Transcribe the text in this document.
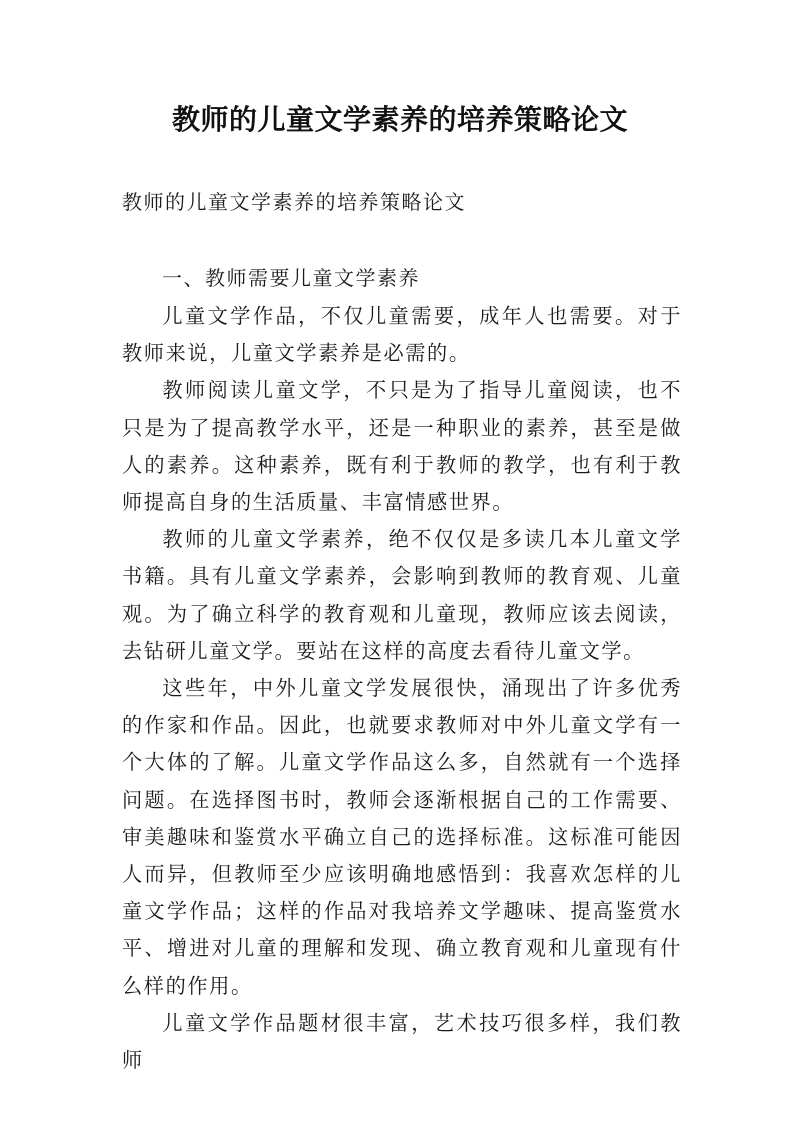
教师的儿童文学素养的培养策略论文

教师的儿童文学素养的培养策略论文

一、教师需要儿童文学素养

儿童文学作品，不仅儿童需要，成年人也需要。对于教师来说，儿童文学素养是必需的。

教师阅读儿童文学，不只是为了指导儿童阅读，也不只是为了提高教学水平，还是一种职业的素养，甚至是做人的素养。这种素养，既有利于教师的教学，也有利于教师提高自身的生活质量、丰富情感世界。

教师的儿童文学素养，绝不仅仅是多读几本儿童文学书籍。具有儿童文学素养，会影响到教师的教育观、儿童观。为了确立科学的教育观和儿童现，教师应该去阅读，去钻研儿童文学。要站在这样的高度去看待儿童文学。

这些年，中外儿童文学发展很快，涌现出了许多优秀的作家和作品。因此，也就要求教师对中外儿童文学有一个大体的了解。儿童文学作品这么多，自然就有一个选择问题。在选择图书时，教师会逐渐根据自己的工作需要、审美趣味和鉴赏水平确立自己的选择标准。这标准可能因人而异，但教师至少应该明确地感悟到：我喜欢怎样的儿童文学作品；这样的作品对我培养文学趣味、提高鉴赏水平、增进对儿童的理解和发现、确立教育观和儿童现有什么样的作用。

儿童文学作品题材很丰富，艺术技巧很多样，我们教师
